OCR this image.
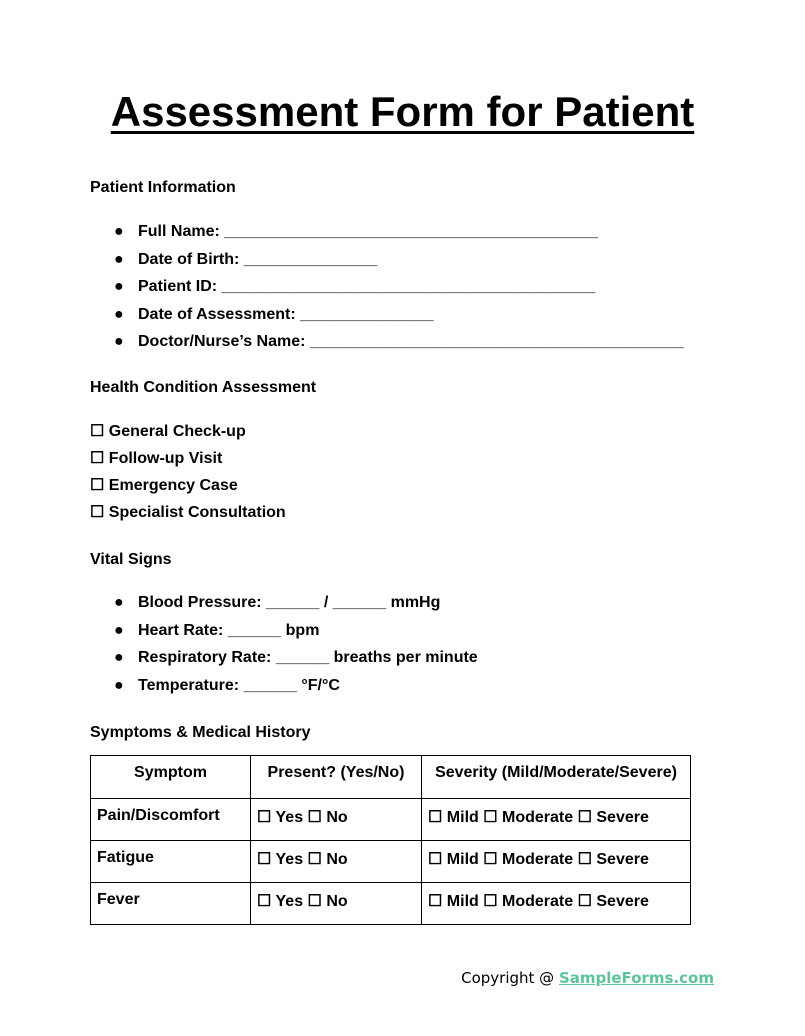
Assessment Form for Patient
Patient Information
● Full Name: __________________________________________
● Date of Birth: _______________
● Patient ID: __________________________________________
● Date of Assessment: _______________
● Doctor/Nurse’s Name: __________________________________________
Health Condition Assessment
☐ General Check-up
☐ Follow-up Visit
☐ Emergency Case
☐ Specialist Consultation
Vital Signs
● Blood Pressure: ______ / ______ mmHg
● Heart Rate: ______ bpm
● Respiratory Rate: ______ breaths per minute
● Temperature: ______ °F/°C
Symptoms & Medical History
Symptom	Present? (Yes/No)	Severity (Mild/Moderate/Severe)
Pain/Discomfort	☐ Yes ☐ No	☐ Mild ☐ Moderate ☐ Severe
Fatigue	☐ Yes ☐ No	☐ Mild ☐ Moderate ☐ Severe
Fever	☐ Yes ☐ No	☐ Mild ☐ Moderate ☐ Severe
Copyright @ SampleForms.com
